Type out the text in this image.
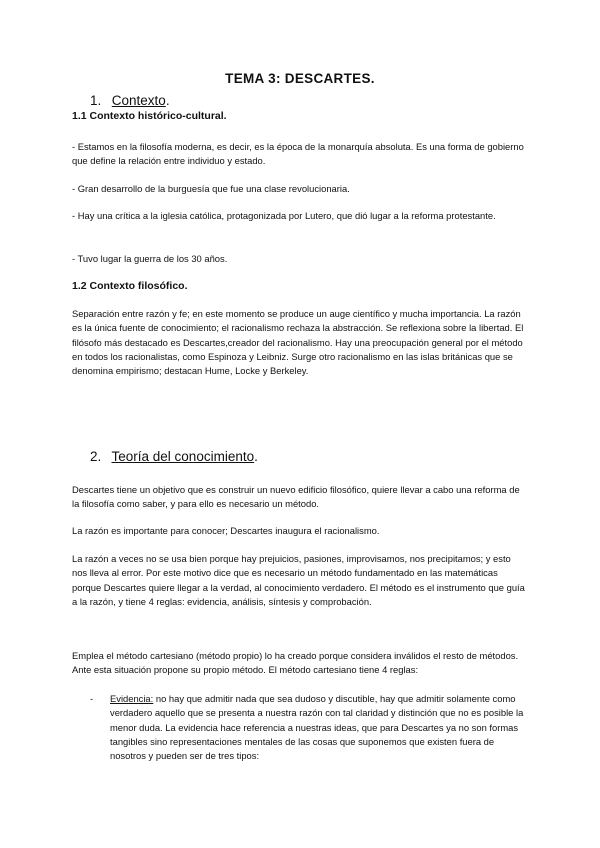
TEMA 3: DESCARTES.
1. Contexto.
1.1 Contexto histórico-cultural.

- Estamos en la filosofía moderna, es decir, es la época de la monarquía absoluta. Es una forma de gobierno que define la relación entre individuo y estado.

- Gran desarrollo de la burguesía que fue una clase revolucionaria.

- Hay una crítica a la iglesia católica, protagonizada por Lutero, que dió lugar a la reforma protestante.

- Tuvo lugar la guerra de los 30 años.

1.2 Contexto filosófico.

Separación entre razón y fe; en este momento se produce un auge científico y mucha importancia. La razón es la única fuente de conocimiento; el racionalismo rechaza la abstracción. Se reflexiona sobre la libertad. El filósofo más destacado es Descartes,creador del racionalismo. Hay una preocupación general por el método en todos los racionalistas, como Espinoza y Leibniz. Surge otro racionalismo en las islas británicas que se denomina empirismo; destacan Hume, Locke y Berkeley.

2. Teoría del conocimiento.

Descartes tiene un objetivo que es construir un nuevo edificio filosófico, quiere llevar a cabo una reforma de la filosofía como saber, y para ello es necesario un método.

La razón es importante para conocer; Descartes inaugura el racionalismo.

La razón a veces no se usa bien porque hay prejuicios, pasiones, improvisamos, nos precipitamos; y esto nos lleva al error. Por este motivo dice que es necesario un método fundamentado en las matemáticas porque Descartes quiere llegar a la verdad, al conocimiento verdadero. El método es el instrumento que guía a la razón, y tiene 4 reglas: evidencia, análisis, síntesis y comprobación.

Emplea el método cartesiano (método propio) lo ha creado porque considera inválidos el resto de métodos. Ante esta situación propone su propio método. El método cartesiano tiene 4 reglas:

- Evidencia: no hay que admitir nada que sea dudoso y discutible, hay que admitir solamente como verdadero aquello que se presenta a nuestra razón con tal claridad y distinción que no es posible la menor duda. La evidencia hace referencia a nuestras ideas, que para Descartes ya no son formas tangibles sino representaciones mentales de las cosas que suponemos que existen fuera de nosotros y pueden ser de tres tipos:
